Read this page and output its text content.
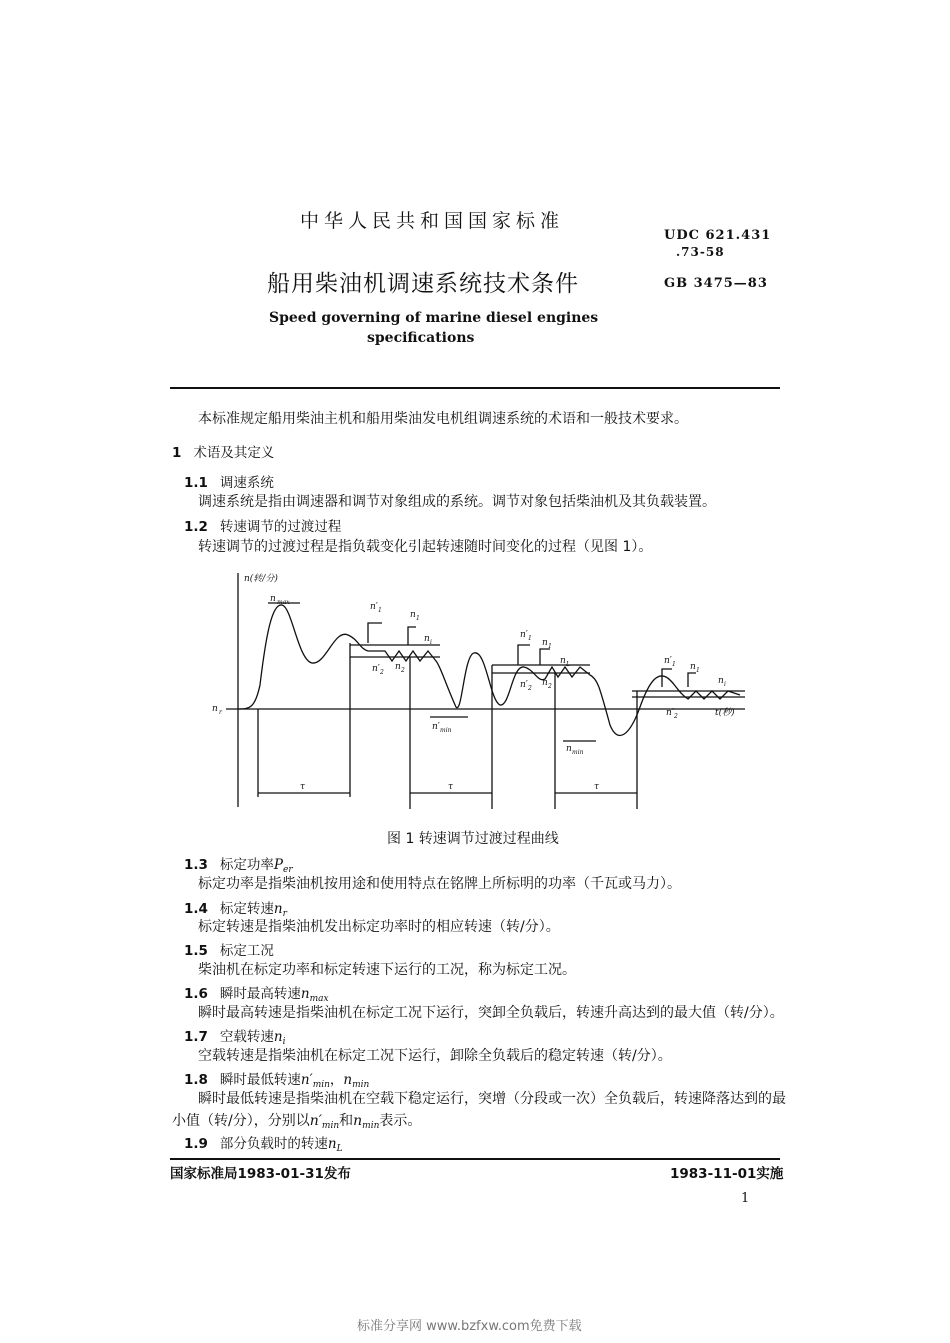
中华人民共和国国家标准
UDC 621.431
.73-58
船用柴油机调速系统技术条件	GB 3475—83
Speed governing of marine diesel engines
specifications
本标准规定船用柴油主机和船用柴油发电机组调速系统的术语和一般技术要求。
1 术语及其定义
1.1 调速系统
调速系统是指由调速器和调节对象组成的系统。调节对象包括柴油机及其负载装置。
1.2 转速调节的过渡过程
转速调节的过渡过程是指负载变化引起转速随时间变化的过程（见图 1）。
n(转/分)
t(秒)
n r
n max	n′ 1	n 1
n i
n′ 2
n 2
n′ min
n′ 1 n 1
n L
n′ 2
n 2
n min
n′ 1 n 1
n i
n′ 2
τ	τ	τ
图 1 转速调节过渡过程曲线
1.3 标定功率$P_{er}$
标定功率是指柴油机按用途和使用特点在铭牌上所标明的功率（千瓦或马力）。
1.4 标定转速$n_r$
标定转速是指柴油机发出标定功率时的相应转速（转/分）。
1.5 标定工况
柴油机在标定功率和标定转速下运行的工况，称为标定工况。
1.6 瞬时最高转速$n_{max}$
瞬时最高转速是指柴油机在标定工况下运行，突卸全负载后，转速升高达到的最大值（转/分）。
1.7 空载转速$n_i$
空载转速是指柴油机在标定工况下运行，卸除全负载后的稳定转速（转/分）。
1.8 瞬时最低转速$n'_{min}$，$n_{min}$
瞬时最低转速是指柴油机在空载下稳定运行，突增（分段或一次）全负载后，转速降落达到的最
小值（转/分），分别以$n'_{min}$和$n_{min}$表示。
1.9 部分负载时的转速$n_L$
国家标准局1983-01-31发布	1983-11-01实施
1
标准分享网 www.bzfxw.com免费下载
